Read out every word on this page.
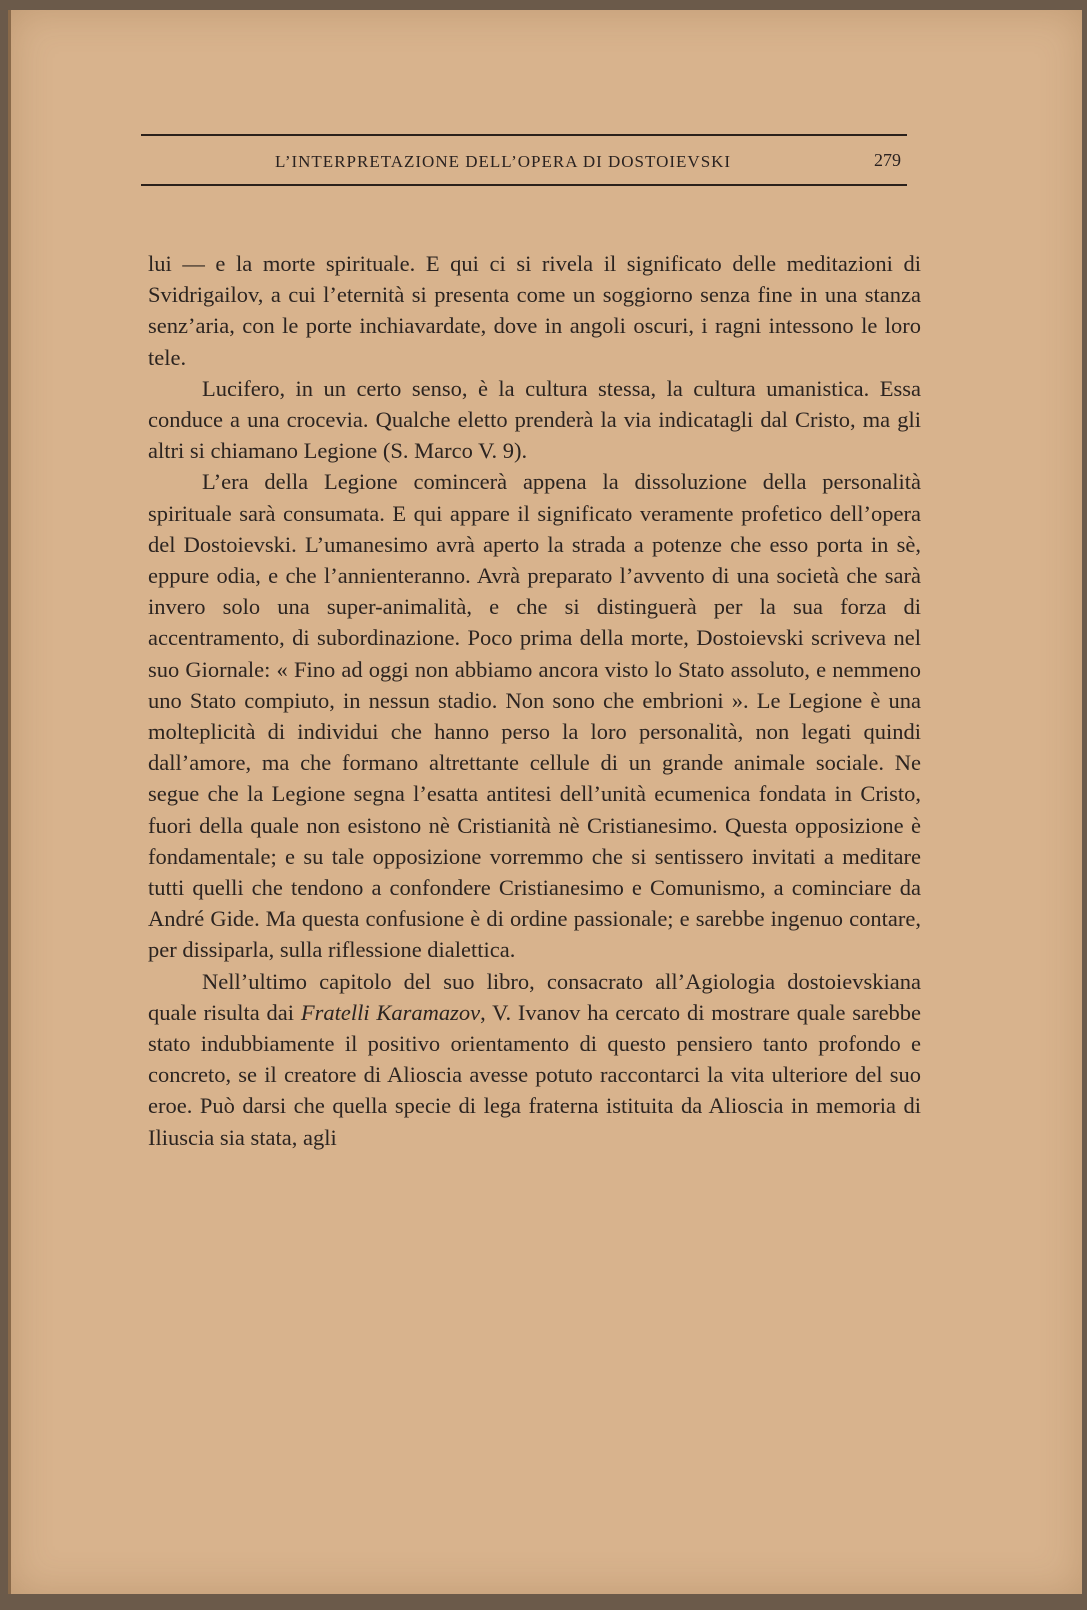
L’INTERPRETAZIONE DELL’OPERA DI DOSTOIEVSKI	279

lui — e la morte spirituale. E qui ci si rivela il significato delle meditazioni di Svidrigailov, a cui l’eternità si presenta come un soggiorno senza fine in una stanza senz’aria, con le porte inchiavardate, dove in angoli oscuri, i ragni intessono le loro tele.

Lucifero, in un certo senso, è la cultura stessa, la cultura umanistica. Essa conduce a una crocevia. Qualche eletto prenderà la via indicatagli dal Cristo, ma gli altri si chiamano Legione (S. Marco V. 9).

L’era della Legione comincerà appena la dissoluzione della personalità spirituale sarà consumata. E qui appare il significato veramente profetico dell’opera del Dostoievski. L’umanesimo avrà aperto la strada a potenze che esso porta in sè, eppure odia, e che l’annienteranno. Avrà preparato l’avvento di una società che sarà invero solo una super-animalità, e che si distinguerà per la sua forza di accentramento, di subordinazione. Poco prima della morte, Dostoievski scriveva nel suo Giornale: « Fino ad oggi non abbiamo ancora visto lo Stato assoluto, e nemmeno uno Stato compiuto, in nessun stadio. Non sono che embrioni ». Le Legione è una molteplicità di individui che hanno perso la loro personalità, non legati quindi dall’amore, ma che formano altrettante cellule di un grande animale sociale. Ne segue che la Legione segna l’esatta antitesi dell’unità ecumenica fondata in Cristo, fuori della quale non esistono nè Cristianità nè Cristianesimo. Questa opposizione è fondamentale; e su tale opposizione vorremmo che si sentissero invitati a meditare tutti quelli che tendono a confondere Cristianesimo e Comunismo, a cominciare da André Gide. Ma questa confusione è di ordine passionale; e sarebbe ingenuo contare, per dissiparla, sulla riflessione dialettica.

Nell’ultimo capitolo del suo libro, consacrato all’Agiologia dostoievskiana quale risulta dai Fratelli Karamazov, V. Ivanov ha cercato di mostrare quale sarebbe stato indubbiamente il positivo orientamento di questo pensiero tanto profondo e concreto, se il creatore di Alioscia avesse potuto raccontarci la vita ulteriore del suo eroe. Può darsi che quella specie di lega fraterna istituita da Alioscia in memoria di Iliuscia sia stata, agli
